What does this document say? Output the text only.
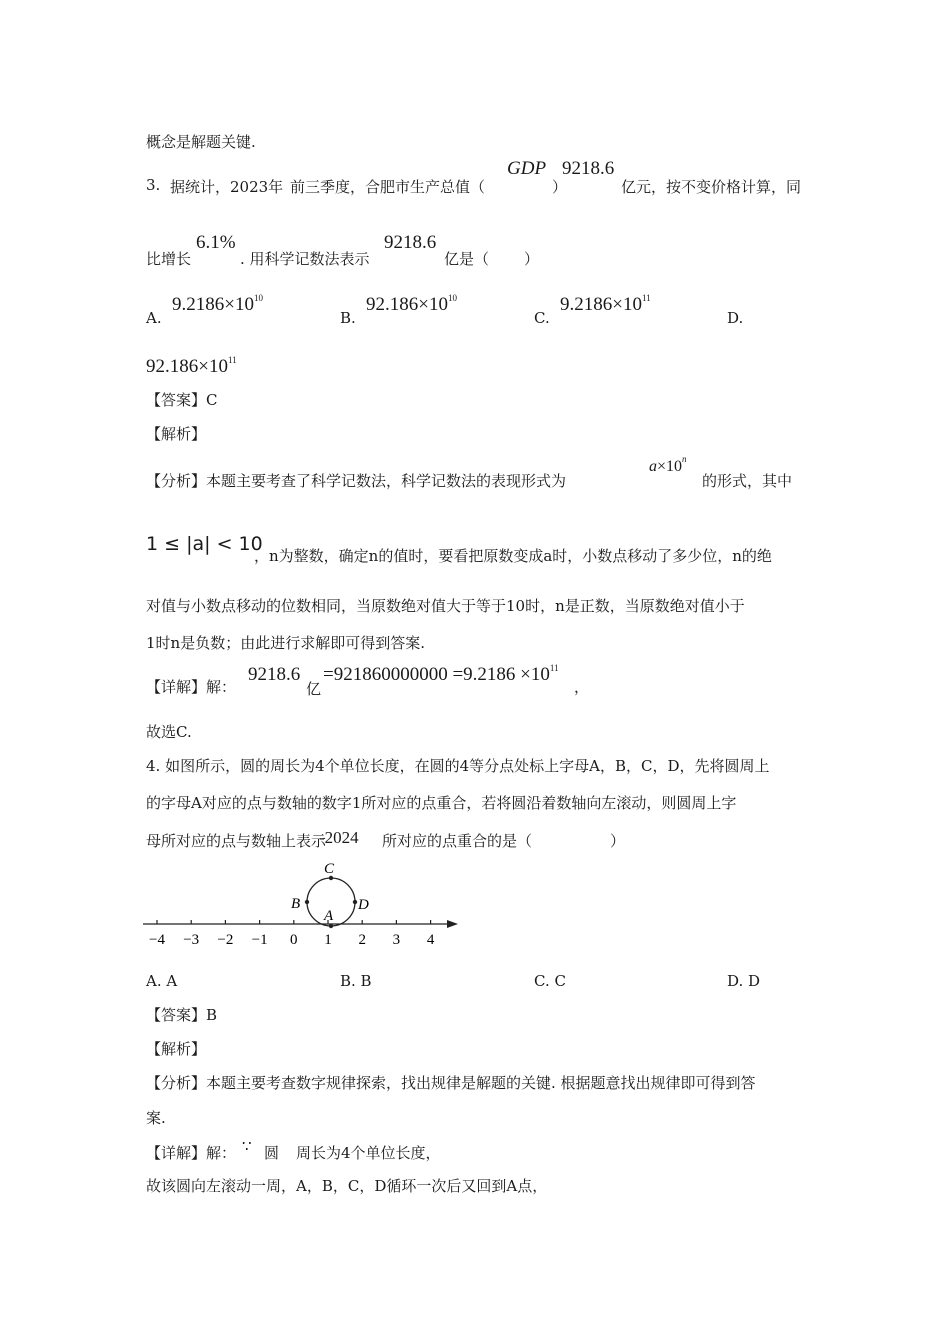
概念是解题关键.
3. 据统计，2023年 前三季度，合肥市生产总值（
GDP
）
9218.6
亿元，按不变价格计算，同
比增长
6.1%
. 用科学记数法表示
9218.6
亿是（ ）
A.
$9.2186\times 10^{10}$
B.
$92.186\times 10^{10}$
C.
$9.2186\times 10^{11}$
D.
$92.186\times 10^{11}$
【答案】C
【解析】
【分析】本题主要考查了科学记数法，科学记数法的表现形式为
$a\times 10^n$
的形式，其中
1 ≤ |a| < 10
，n为整数，确定n的值时，要看把原数变成a时，小数点移动了多少位，n的绝
对值与小数点移动的位数相同，当原数绝对值大于等于10时，n是正数，当原数绝对值小于
1时n是负数；由此进行求解即可得到答案.
【详解】解：
9218.6
亿
$=921860000000 =9.2186 \times 10^{11}$
，
故选C.
4. 如图所示，圆的周长为4个单位长度，在圆的4等分点处标上字母A，B，C，D，先将圆周上
的字母A对应的点与数轴的数字1所对应的点重合，若将圆沿着数轴向左滚动，则圆周上字
母所对应的点与数轴上表示
-2024 所对应的点重合的是（	）
−4 −3 −2 −1 0 1 2 3 4
C
B	D
A
A. A	B. B	C. C	D. D
【答案】B
【解析】
【分析】本题主要考查数字规律探索，找出规律是解题的关键. 根据题意找出规律即可得到答
案.
【详解】解： ∵ 圆 周长为4个单位长度，
故该圆向左滚动一周，A，B，C，D循环一次后又回到A点，
